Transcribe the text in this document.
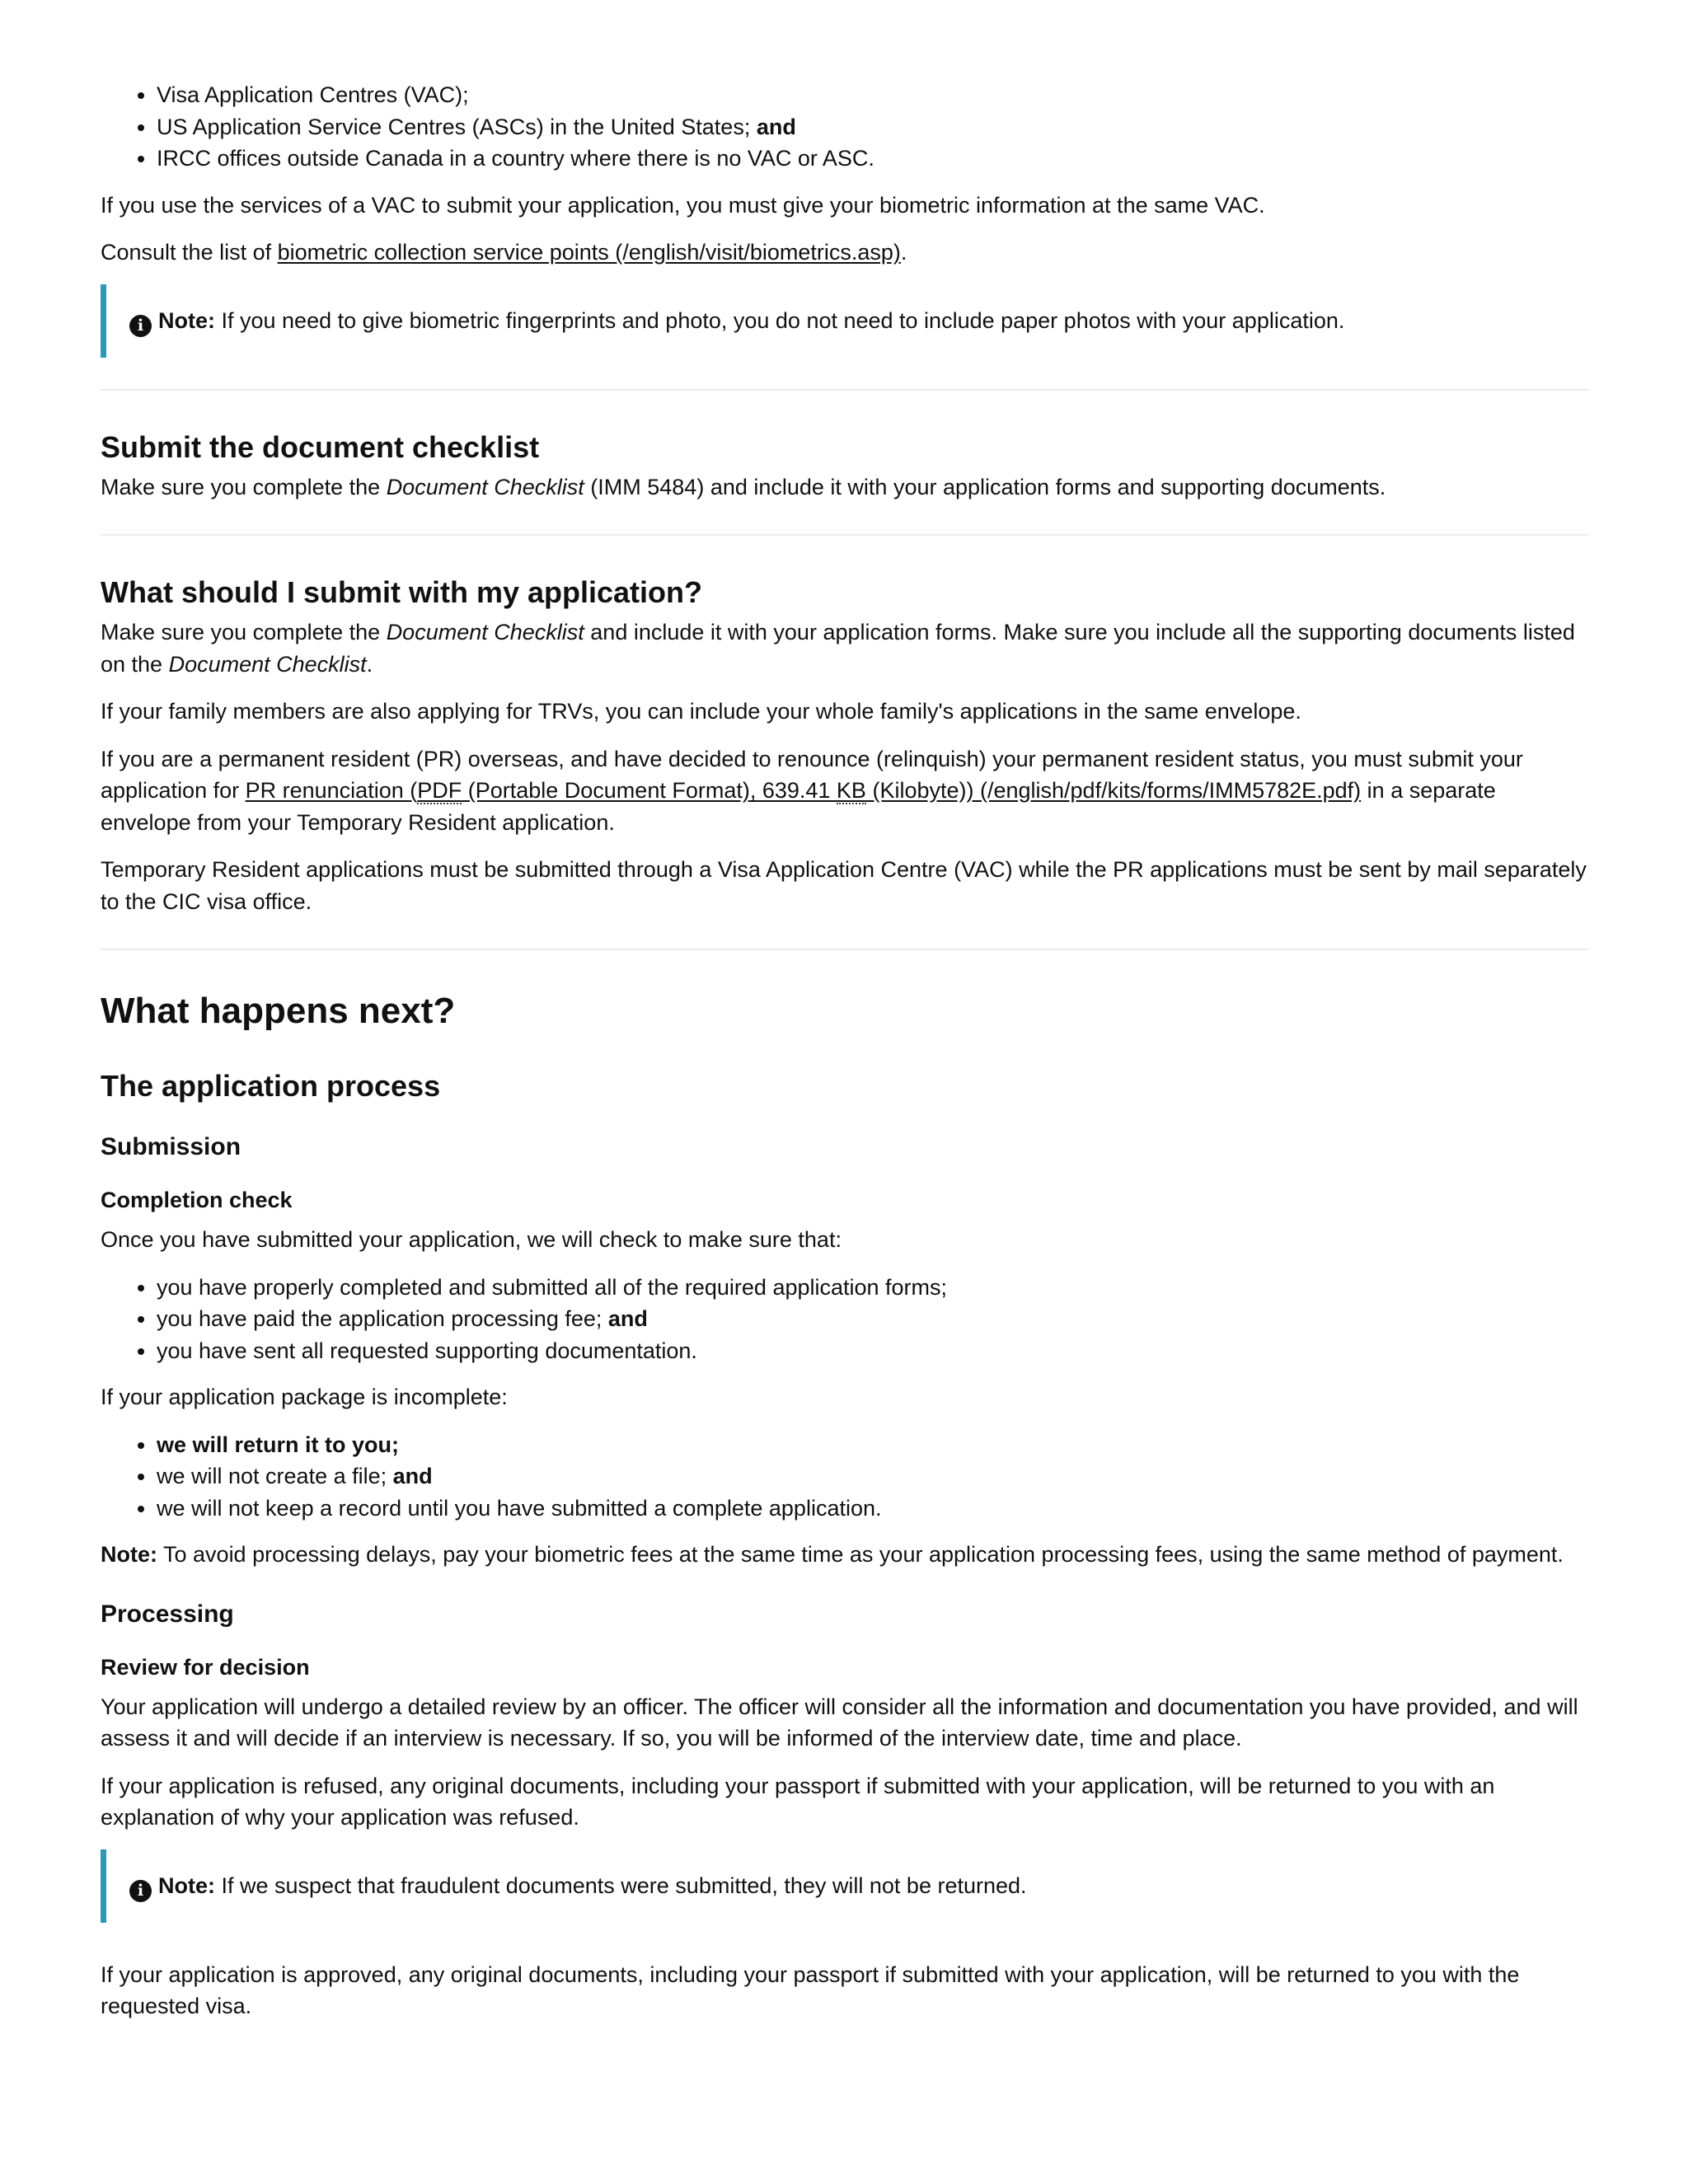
• Visa Application Centres (VAC);
• US Application Service Centres (ASCs) in the United States; and
• IRCC offices outside Canada in a country where there is no VAC or ASC.

If you use the services of a VAC to submit your application, you must give your biometric information at the same VAC.

Consult the list of biometric collection service points (/english/visit/biometrics.asp).

i Note: If you need to give biometric fingerprints and photo, you do not need to include paper photos with your application.
Submit the document checklist

Make sure you complete the Document Checklist (IMM 5484) and include it with your application forms and supporting documents.

What should I submit with my application?

Make sure you complete the Document Checklist and include it with your application forms. Make sure you include all the supporting documents listed on the Document Checklist.

If your family members are also applying for TRVs, you can include your whole family's applications in the same envelope.

If you are a permanent resident (PR) overseas, and have decided to renounce (relinquish) your permanent resident status, you must submit your application for PR renunciation (PDF (Portable Document Format), 639.41 KB (Kilobyte)) (/english/pdf/kits/forms/IMM5782E.pdf) in a separate envelope from your Temporary Resident application.

Temporary Resident applications must be submitted through a Visa Application Centre (VAC) while the PR applications must be sent by mail separately to the CIC visa office.

What happens next?
The application process
Submission
Completion check

Once you have submitted your application, we will check to make sure that:

• you have properly completed and submitted all of the required application forms;
• you have paid the application processing fee; and
• you have sent all requested supporting documentation.

If your application package is incomplete:

• we will return it to you;
• we will not create a file; and
• we will not keep a record until you have submitted a complete application.

Note: To avoid processing delays, pay your biometric fees at the same time as your application processing fees, using the same method of payment.

Processing
Review for decision

Your application will undergo a detailed review by an officer. The officer will consider all the information and documentation you have provided, and will assess it and will decide if an interview is necessary. If so, you will be informed of the interview date, time and place.

If your application is refused, any original documents, including your passport if submitted with your application, will be returned to you with an explanation of why your application was refused.

i Note: If we suspect that fraudulent documents were submitted, they will not be returned.

If your application is approved, any original documents, including your passport if submitted with your application, will be returned to you with the requested visa.
